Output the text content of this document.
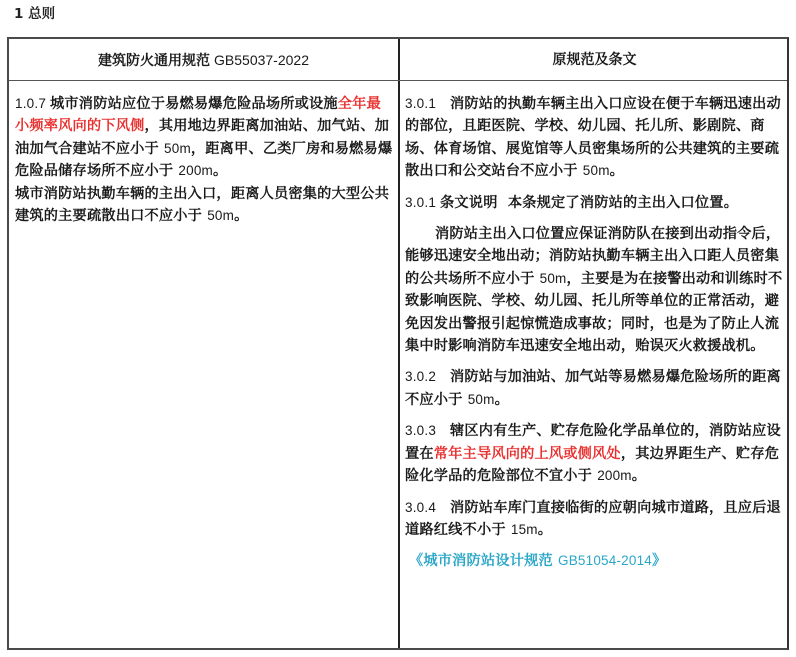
1 总则
建筑防火通用规范 GB55037-2022	原规范及条文

1.0.7 城市消防站应位于易燃易爆危险品场所或设施全年最小频率风向的下风侧，其用地边界距离加油站、加气站、加油加气合建站不应小于 50m，距离甲、乙类厂房和易燃易爆危险品储存场所不应小于 200m。
城市消防站执勤车辆的主出入口，距离人员密集的大型公共建筑的主要疏散出口不应小于 50m。

3.0.1 消防站的执勤车辆主出入口应设在便于车辆迅速出动的部位，且距医院、学校、幼儿园、托儿所、影剧院、商场、体育场馆、展览馆等人员密集场所的公共建筑的主要疏散出口和公交站台不应小于 50m。

3.0.1 条文说明 本条规定了消防站的主出入口位置。

消防站主出入口位置应保证消防队在接到出动指令后，能够迅速安全地出动；消防站执勤车辆主出入口距人员密集的公共场所不应小于 50m，主要是为在接警出动和训练时不致影响医院、学校、幼儿园、托儿所等单位的正常活动，避免因发出警报引起惊慌造成事故；同时，也是为了防止人流集中时影响消防车迅速安全地出动，贻误灭火救援战机。

3.0.2 消防站与加油站、加气站等易燃易爆危险场所的距离不应小于 50m。

3.0.3 辖区内有生产、贮存危险化学品单位的，消防站应设置在常年主导风向的上风或侧风处，其边界距生产、贮存危险化学品的危险部位不宜小于 200m。

3.0.4 消防站车库门直接临街的应朝向城市道路，且应后退道路红线不小于 15m。

《城市消防站设计规范 GB51054-2014》
